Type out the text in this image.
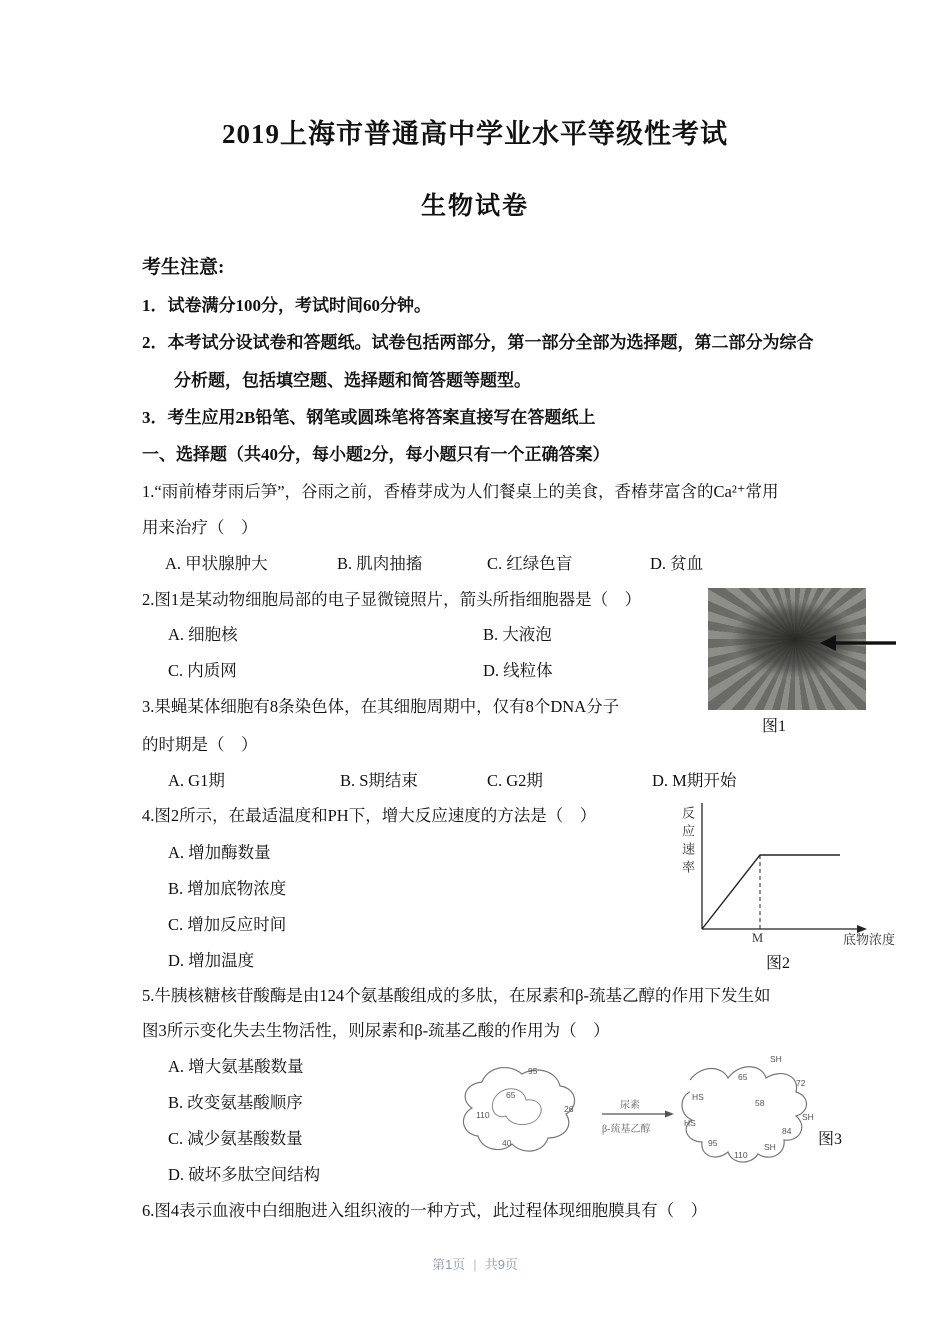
2019上海市普通高中学业水平等级性考试
生物试卷
考生注意:
1．试卷满分100分，考试时间60分钟。
2．本考试分设试卷和答题纸。试卷包括两部分，第一部分全部为选择题，第二部分为综合
分析题，包括填空题、选择题和简答题等题型。
3．考生应用2B铅笔、钢笔或圆珠笔将答案直接写在答题纸上
一、选择题（共40分，每小题2分，每小题只有一个正确答案）
1.“雨前椿芽雨后笋”，谷雨之前，香椿芽成为人们餐桌上的美食，香椿芽富含的Ca²⁺常用
用来治疗（　）
A. 甲状腺肿大	B. 肌肉抽搐	C. 红绿色盲	D. 贫血
2.图1是某动物细胞局部的电子显微镜照片，箭头所指细胞器是（　）
A. 细胞核	B. 大液泡
C. 内质网	D. 线粒体
图1
3.果蝇某体细胞有8条染色体，在其细胞周期中，仅有8个DNA分子
的时期是（　）
A. G1期	B. S期结束	C. G2期	D. M期开始
4.图2所示，在最适温度和PH下，增大反应速度的方法是（　）
A. 增加酶数量
B. 增加底物浓度
C. 增加反应时间
D. 增加温度
反应速率
底物浓度
M
图2
5.牛胰核糖核苷酸酶是由124个氨基酸组成的多肽，在尿素和β-巯基乙醇的作用下发生如
图3所示变化失去生物活性，则尿素和β-巯基乙酸的作用为（　）
A. 增大氨基酸数量
B. 改变氨基酸顺序
C. 减少氨基酸数量
D. 破坏多肽空间结构
尿素
β-巯基乙醇
95
65
110
26
40
SH
65
72
HS
58
SH
HS
84
95
110
SH	图3
6.图4表示血液中白细胞进入组织液的一种方式，此过程体现细胞膜具有（　）
第1页 | 共9页
